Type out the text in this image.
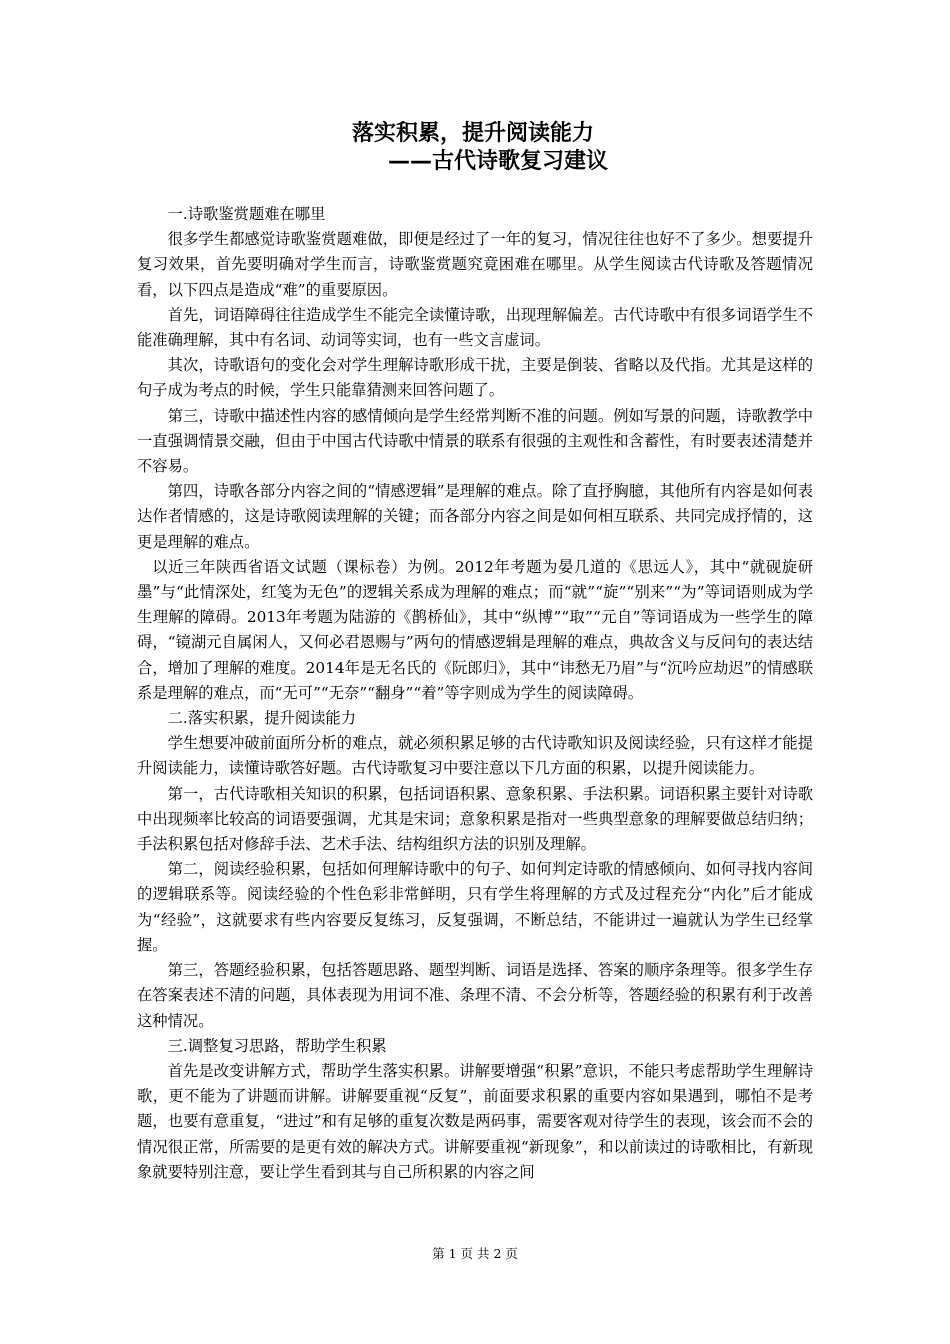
落实积累，提升阅读能力
——古代诗歌复习建议

一.诗歌鉴赏题难在哪里

很多学生都感觉诗歌鉴赏题难做，即便是经过了一年的复习，情况往往也好不了多少。想要提升复习效果，首先要明确对学生而言，诗歌鉴赏题究竟困难在哪里。从学生阅读古代诗歌及答题情况看，以下四点是造成“难”的重要原因。

首先，词语障碍往往造成学生不能完全读懂诗歌，出现理解偏差。古代诗歌中有很多词语学生不能准确理解，其中有名词、动词等实词，也有一些文言虚词。

其次，诗歌语句的变化会对学生理解诗歌形成干扰，主要是倒装、省略以及代指。尤其是这样的句子成为考点的时候，学生只能靠猜测来回答问题了。

第三，诗歌中描述性内容的感情倾向是学生经常判断不准的问题。例如写景的问题，诗歌教学中一直强调情景交融，但由于中国古代诗歌中情景的联系有很强的主观性和含蓄性，有时要表述清楚并不容易。

第四，诗歌各部分内容之间的“情感逻辑”是理解的难点。除了直抒胸臆，其他所有内容是如何表达作者情感的，这是诗歌阅读理解的关键；而各部分内容之间是如何相互联系、共同完成抒情的，这更是理解的难点。

以近三年陕西省语文试题（课标卷）为例。2012年考题为晏几道的《思远人》，其中“就砚旋研墨”与“此情深处，红笺为无色”的逻辑关系成为理解的难点；而“就”“旋”“别来”“为”等词语则成为学生理解的障碍。2013年考题为陆游的《鹊桥仙》，其中“纵博”“取”“元自”等词语成为一些学生的障碍，“镜湖元自属闲人，又何必君恩赐与”两句的情感逻辑是理解的难点，典故含义与反问句的表达结合，增加了理解的难度。2014年是无名氏的《阮郎归》，其中“讳愁无乃眉”与“沉吟应劫迟”的情感联系是理解的难点，而“无可”“无奈”“翻身”“着”等字则成为学生的阅读障碍。

二.落实积累，提升阅读能力

学生想要冲破前面所分析的难点，就必须积累足够的古代诗歌知识及阅读经验，只有这样才能提升阅读能力，读懂诗歌答好题。古代诗歌复习中要注意以下几方面的积累，以提升阅读能力。

第一，古代诗歌相关知识的积累，包括词语积累、意象积累、手法积累。词语积累主要针对诗歌中出现频率比较高的词语要强调，尤其是宋词；意象积累是指对一些典型意象的理解要做总结归纳；手法积累包括对修辞手法、艺术手法、结构组织方法的识别及理解。

第二，阅读经验积累，包括如何理解诗歌中的句子、如何判定诗歌的情感倾向、如何寻找内容间的逻辑联系等。阅读经验的个性色彩非常鲜明，只有学生将理解的方式及过程充分“内化”后才能成为“经验”，这就要求有些内容要反复练习，反复强调，不断总结，不能讲过一遍就认为学生已经掌握。

第三，答题经验积累，包括答题思路、题型判断、词语是选择、答案的顺序条理等。很多学生存在答案表述不清的问题，具体表现为用词不准、条理不清、不会分析等，答题经验的积累有利于改善这种情况。

三.调整复习思路，帮助学生积累

首先是改变讲解方式，帮助学生落实积累。讲解要增强“积累”意识，不能只考虑帮助学生理解诗歌，更不能为了讲题而讲解。讲解要重视“反复”，前面要求积累的重要内容如果遇到，哪怕不是考题，也要有意重复，“进过”和有足够的重复次数是两码事，需要客观对待学生的表现，该会而不会的情况很正常，所需要的是更有效的解决方式。讲解要重视“新现象”，和以前读过的诗歌相比，有新现象就要特别注意，要让学生看到其与自己所积累的内容之间

第 1 页 共 2 页
